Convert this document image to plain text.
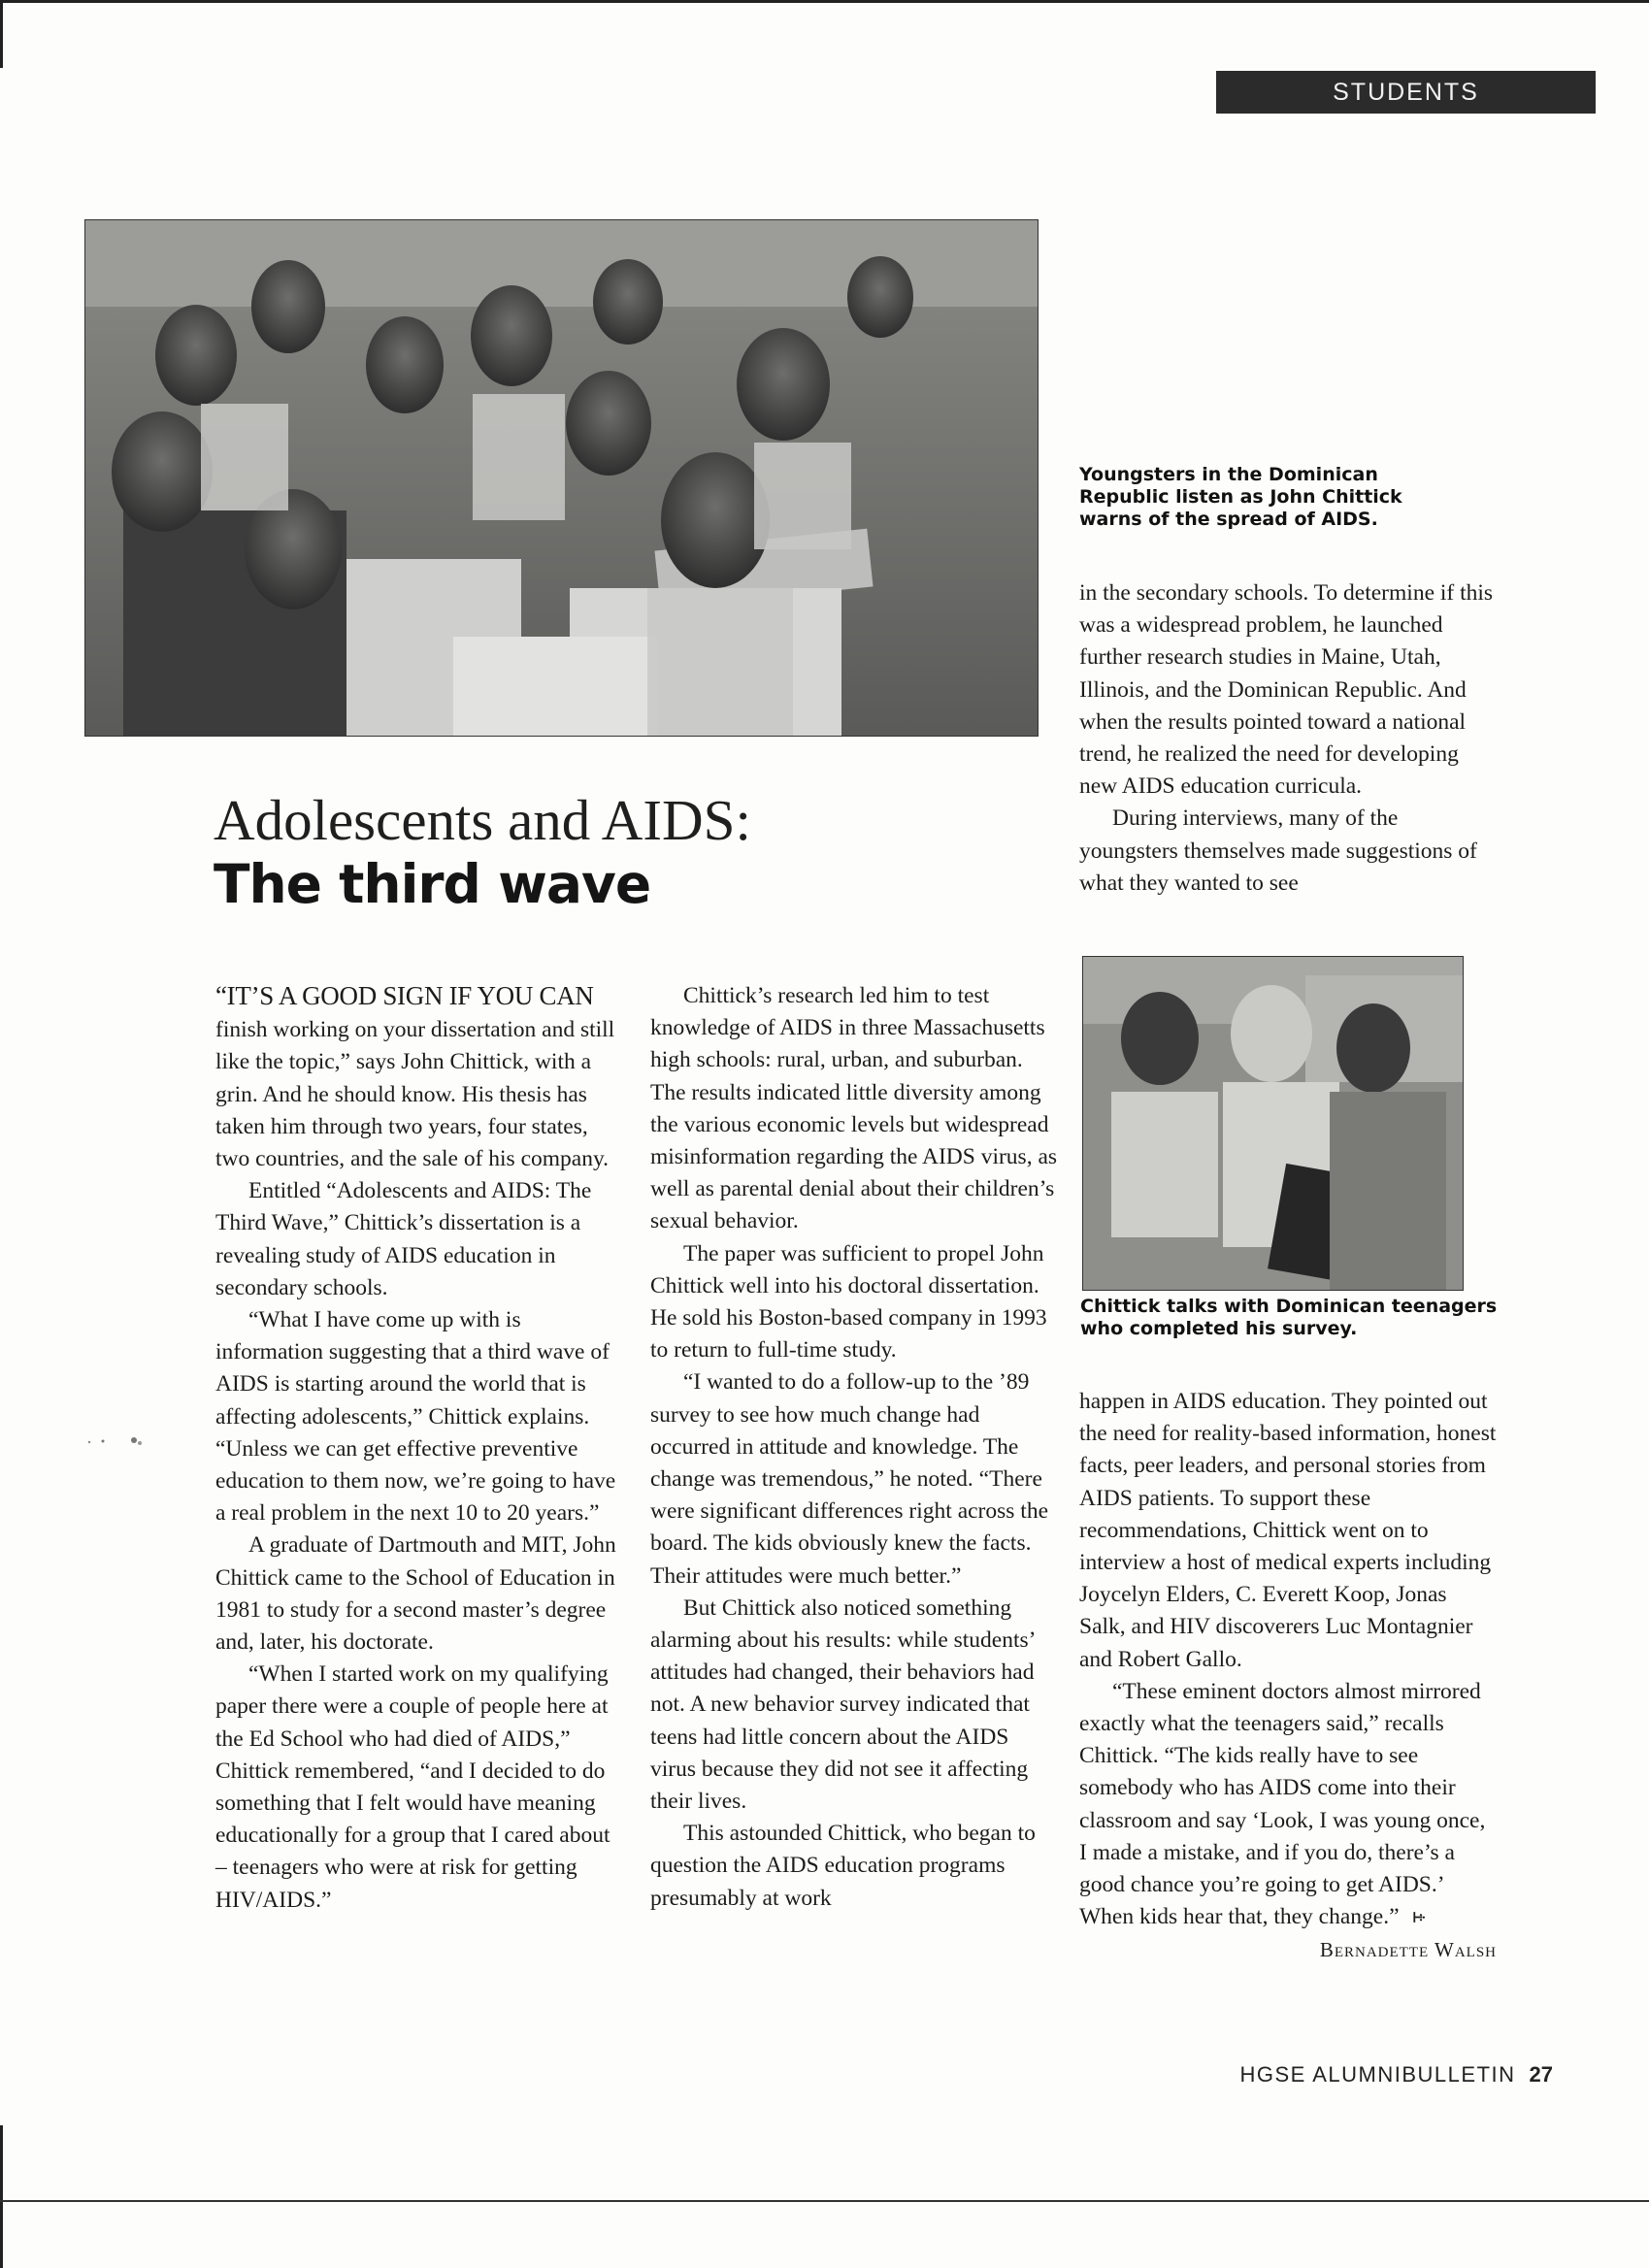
STUDENTS
Youngsters in the Dominican Republic listen as John Chittick warns of the spread of AIDS.
Adolescents and AIDS:
The third wave

“IT’S A GOOD SIGN IF YOU CAN
finish working on your dissertation and still like the topic,” says John Chittick, with a grin. And he should know. His thesis has taken him through two years, four states, two countries, and the sale of his company.

Entitled “Adolescents and AIDS: The Third Wave,” Chittick’s dissertation is a revealing study of AIDS education in secondary schools.

“What I have come up with is information suggesting that a third wave of AIDS is starting around the world that is affecting adolescents,” Chittick explains. “Unless we can get effective preventive education to them now, we’re going to have a real problem in the next 10 to 20 years.”

A graduate of Dartmouth and MIT, John Chittick came to the School of Education in 1981 to study for a second master’s degree and, later, his doctorate.

“When I started work on my qualifying paper there were a couple of people here at the Ed School who had died of AIDS,” Chittick remembered, “and I decided to do something that I felt would have meaning educationally for a group that I cared about – teenagers who were at risk for getting HIV/AIDS.”

Chittick’s research led him to test knowledge of AIDS in three Massachusetts high schools: rural, urban, and suburban. The results indicated little diversity among the various economic levels but widespread misinformation regarding the AIDS virus, as well as parental denial about their children’s sexual behavior.

The paper was sufficient to propel John Chittick well into his doctoral dissertation. He sold his Boston-based company in 1993 to return to full-time study.

“I wanted to do a follow-up to the ’89 survey to see how much change had occurred in attitude and knowledge. The change was tremendous,” he noted. “There were significant differences right across the board. The kids obviously knew the facts. Their attitudes were much better.”

But Chittick also noticed something alarming about his results: while students’ attitudes had changed, their behaviors had not. A new behavior survey indicated that teens had little concern about the AIDS virus because they did not see it affecting their lives.

This astounded Chittick, who began to question the AIDS education programs presumably at work

in the secondary schools. To determine if this was a widespread problem, he launched further research studies in Maine, Utah, Illinois, and the Dominican Republic. And when the results pointed toward a national trend, he realized the need for developing new AIDS education curricula.

During interviews, many of the youngsters themselves made suggestions of what they wanted to see

Chittick talks with Dominican teenagers who completed his survey.

happen in AIDS education. They pointed out the need for reality-based information, honest facts, peer leaders, and personal stories from AIDS patients. To support these recommendations, Chittick went on to interview a host of medical experts including Joycelyn Elders, C. Everett Koop, Jonas Salk, and HIV discoverers Luc Montagnier and Robert Gallo.

“These eminent doctors almost mirrored exactly what the teenagers said,” recalls Chittick. “The kids really have to see somebody who has AIDS come into their classroom and say ‘Look, I was young once, I made a mistake, and if you do, there’s a good chance you’re going to get AIDS.’ When kids hear that, they change.” ꔝ

Bernadette Walsh

HGSE ALUMNIBULLETIN 27
